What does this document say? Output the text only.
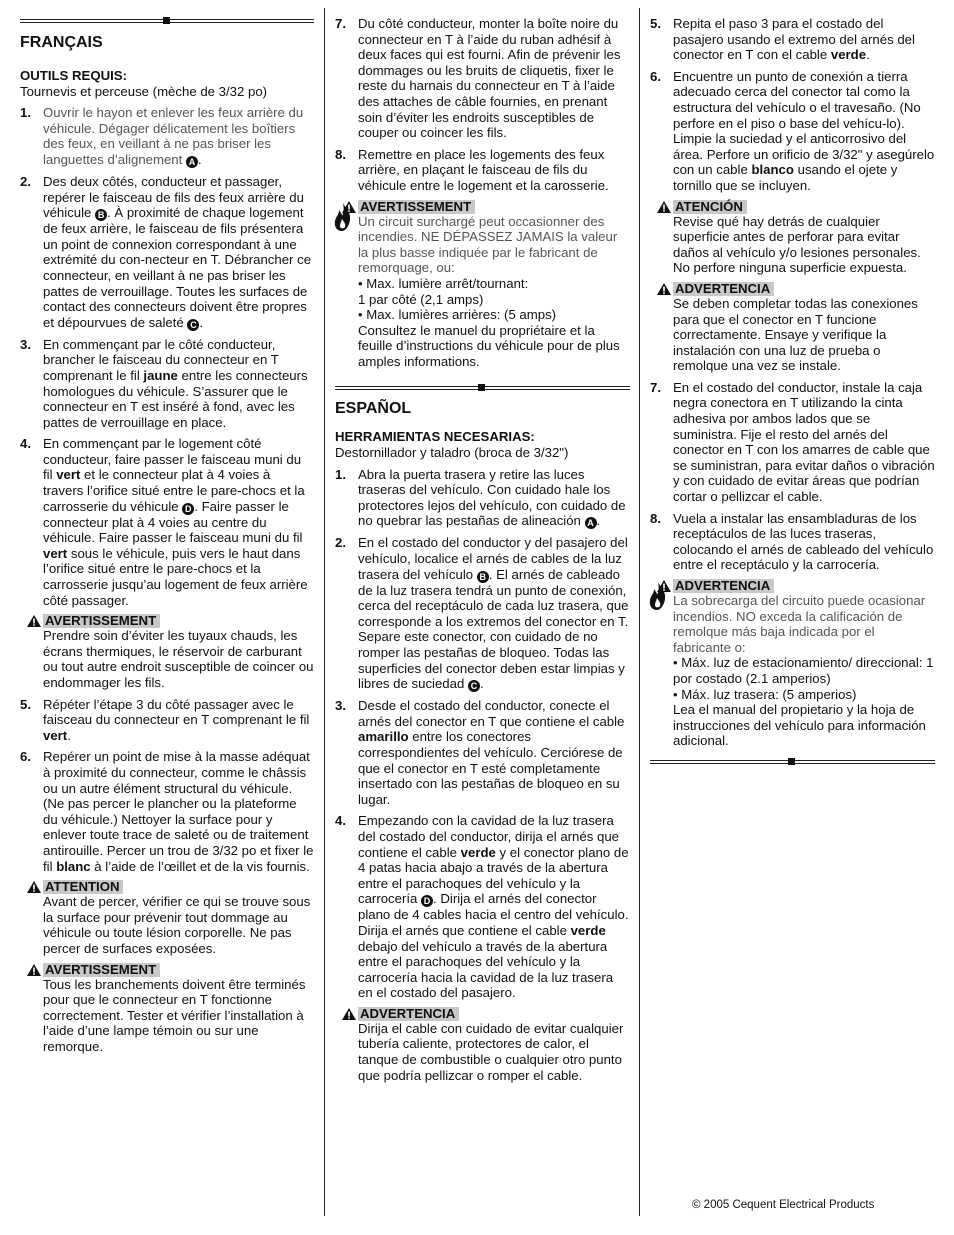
FRANÇAIS
OUTILS REQUIS:
Tournevis et perceuse (mèche de 3/32 po)
1. Ouvrir le hayon et enlever les feux arrière du véhicule. Dégager délicatement les boîtiers des feux, en veillant à ne pas briser les languettes d’alignement A .
2. Des deux côtés, conducteur et passager, repérer le faisceau de fils des feux arrière du véhicule B . À proximité de chaque logement de feux arrière, le faisceau de fils présentera un point de connexion correspondant à une extrémité du con-necteur en T. Débrancher ce connecteur, en veillant à ne pas briser les pattes de verrouillage. Toutes les surfaces de contact des connecteurs doivent être propres et dépourvues de saleté C .
3. En commençant par le côté conducteur, brancher le faisceau du connecteur en T comprenant le fil jaune entre les connecteurs homologues du véhicule. S’assurer que le connecteur en T est inséré à fond, avec les pattes de verrouillage en place.
4. En commençant par le logement côté conducteur, faire passer le faisceau muni du fil vert et le connecteur plat à 4 voies à travers l’orifice situé entre le pare-chocs et la carrosserie du véhicule D . Faire passer le connecteur plat à 4 voies au centre du véhicule. Faire passer le faisceau muni du fil vert sous le véhicule, puis vers le haut dans l’orifice situé entre le pare-chocs et la carrosserie jusqu’au logement de feux arrière côté passager.
AVERTISSEMENT
Prendre soin d’éviter les tuyaux chauds, les écrans thermiques, le réservoir de carburant ou tout autre endroit susceptible de coincer ou endommager les fils.
5. Répéter l’étape 3 du côté passager avec le faisceau du connecteur en T comprenant le fil vert.
6. Repérer un point de mise à la masse adéquat à proximité du connecteur, comme le châssis ou un autre élément structural du véhicule. (Ne pas percer le plancher ou la plateforme du véhicule.) Nettoyer la surface pour y enlever toute trace de saleté ou de traitement antirouille. Percer un trou de 3/32 po et fixer le fil blanc à l’aide de l’œillet et de la vis fournis.
ATTENTION
Avant de percer, vérifier ce qui se trouve sous la surface pour prévenir tout dommage au véhicule ou toute lésion corporelle. Ne pas percer de surfaces exposées.
AVERTISSEMENT
Tous les branchements doivent être terminés pour que le connecteur en T fonctionne correctement. Tester et vérifier l’installation à l’aide d’une lampe témoin ou sur une remorque.
7. Du côté conducteur, monter la boîte noire du connecteur en T à l’aide du ruban adhésif à deux faces qui est fourni. Afin de prévenir les dommages ou les bruits de cliquetis, fixer le reste du harnais du connecteur en T à l’aide des attaches de câble fournies, en prenant soin d’éviter les endroits susceptibles de couper ou coincer les fils.
8. Remettre en place les logements des feux arrière, en plaçant le faisceau de fils du véhicule entre le logement et la carosserie.
AVERTISSEMENT
Un circuit surchargé peut occasionner des incendies. NE DÉPASSEZ JAMAIS la valeur la plus basse indiquée par le fabricant de remorquage, ou:
• Max. lumière arrêt/tournant:
1 par côté (2,1 amps)
• Max. lumières arrières: (5 amps)
Consultez le manuel du propriétaire et la feuille d’instructions du véhicule pour de plus amples informations.
ESPAÑOL
HERRAMIENTAS NECESARIAS:
Destornillador y taladro (broca de 3/32")
1. Abra la puerta trasera y retire las luces traseras del vehículo. Con cuidado hale los protectores lejos del vehículo, con cuidado de no quebrar las pestañas de alineación A .
2. En el costado del conductor y del pasajero del vehículo, localice el arnés de cables de la luz trasera del vehículo B . El arnés de cableado de la luz trasera tendrá un punto de conexión, cerca del receptáculo de cada luz trasera, que corresponde a los extremos del conector en T. Separe este conector, con cuidado de no romper las pestañas de bloqueo. Todas las superficies del conector deben estar limpias y libres de suciedad C .
3. Desde el costado del conductor, conecte el arnés del conector en T que contiene el cable amarillo entre los conectores correspondientes del vehículo. Cerciórese de que el conector en T esté completamente insertado con las pestañas de bloqueo en su lugar.
4. Empezando con la cavidad de la luz trasera del costado del conductor, dirija el arnés que contiene el cable verde y el conector plano de 4 patas hacia abajo a través de la abertura entre el parachoques del vehículo y la carrocería D . Dirija el arnés del conector plano de 4 cables hacia el centro del vehículo. Dirija el arnés que contiene el cable verde debajo del vehículo a través de la abertura entre el parachoques del vehículo y la carrocería hacia la cavidad de la luz trasera en el costado del pasajero.
ADVERTENCIA
Dirija el cable con cuidado de evitar cualquier tubería caliente, protectores de calor, el tanque de combustible o cualquier otro punto que podría pellizcar o romper el cable.
5. Repita el paso 3 para el costado del pasajero usando el extremo del arnés del conector en T con el cable verde.
6. Encuentre un punto de conexión a tierra adecuado cerca del conector tal como la estructura del vehículo o el travesaño. (No perfore en el piso o base del vehícu-lo). Limpie la suciedad y el anticorrosivo del área. Perfore un orificio de 3/32" y asegúrelo con un cable blanco usando el ojete y tornillo que se incluyen.
ATENCIÓN
Revise qué hay detrás de cualquier superficie antes de perforar para evitar daños al vehículo y/o lesiones personales. No perfore ninguna superficie expuesta.
ADVERTENCIA
Se deben completar todas las conexiones para que el conector en T funcione correctamente. Ensaye y verifique la instalación con una luz de prueba o remolque una vez se instale.
7. En el costado del conductor, instale la caja negra conectora en T utilizando la cinta adhesiva por ambos lados que se suministra. Fije el resto del arnés del conector en T con los amarres de cable que se suministran, para evitar daños o vibración y con cuidado de evitar áreas que podrían cortar o pellizcar el cable.
8. Vuela a instalar las ensambladuras de los receptáculos de las luces traseras, colocando el arnés de cableado del vehículo entre el receptáculo y la carrocería.
ADVERTENCIA
La sobrecarga del circuito puede ocasionar incendios. NO exceda la calificación de remolque más baja indicada por el fabricante o:
• Máx. luz de estacionamiento/ direccional: 1 por costado (2.1 amperios)
• Máx. luz trasera: (5 amperios)
Lea el manual del propietario y la hoja de instrucciones del vehículo para información adicional.
© 2005 Cequent Electrical Products
